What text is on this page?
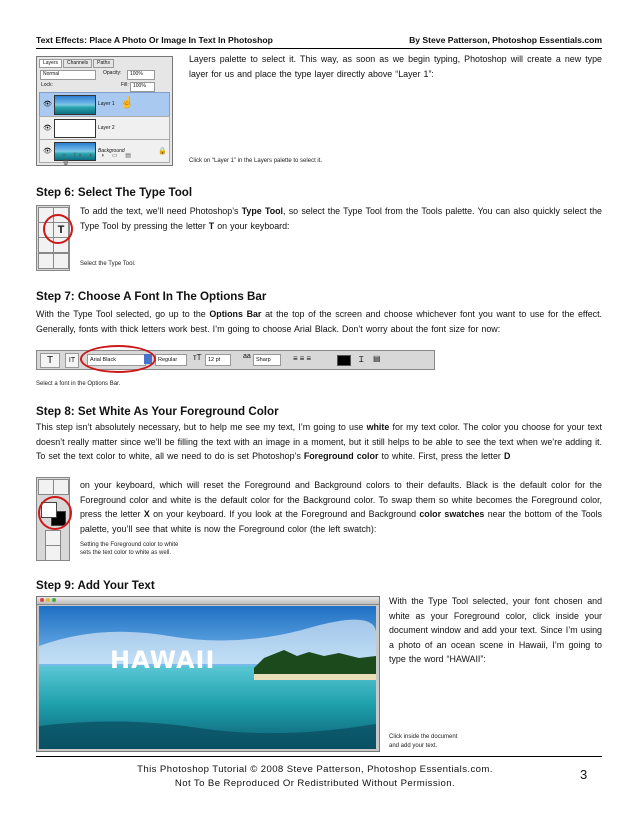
Text Effects: Place A Photo Or Image In Text In Photoshop	By Steve Patterson, Photoshop Essentials.com
Layers	Channels	Paths
Normal	Opacity:	100%
Lock:	Fill: 100%
👁	Layer 1 ☝
👁	Layer 2
👁	Background	🔒
∞ fx ◐ ◑ ▭ ▤ 🗑
Layers palette to select it. This way, as soon as we begin typing, Photoshop will create a new type layer for us and place the type layer directly above “Layer 1”:
Click on “Layer 1” in the Layers palette to select it.
Step 6: Select The Type Tool
T
To add the text, we’ll need Photoshop’s Type Tool, so select the Type Tool from the Tools palette. You can also quickly select the Type Tool by pressing the letter T on your keyboard:
Select the Type Tool.
Step 7: Choose A Font In The Options Bar
With the Type Tool selected, go up to the Options Bar at the top of the screen and choose whichever font you want to use for the effect. Generally, fonts with thick letters work best. I’m going to choose Arial Black. Don’t worry about the font size for now:
T	IT	Arial Black	Regular	ᴛT	12 pt	aa Sharp	≡≡≡	Ɪ ▤
Select a font in the Options Bar.
Step 8: Set White As Your Foreground Color
This step isn’t absolutely necessary, but to help me see my text, I’m going to use white for my text color. The color you choose for your text doesn’t really matter since we’ll be filling the text with an image in a moment, but it still helps to be able to see the text when we’re adding it. To set the text color to white, all we need to do is set Photoshop’s Foreground color to white. First, press the letter D
on your keyboard, which will reset the Foreground and Background colors to their defaults. Black is the default color for the Foreground color and white is the default color for the Background color. To swap them so white becomes the Foreground color, press the letter X on your keyboard. If you look at the Foreground and Background color swatches near the bottom of the Tools palette, you’ll see that white is now the Foreground color (the left swatch):
Setting the Foreground color to white
sets the text color to white as well.
Step 9: Add Your Text
HAWAII
With the Type Tool selected, your font chosen and white as your Foreground color, click inside your document window and add your text. Since I’m using a photo of an ocean scene in Hawaii, I’m going to type the word “HAWAII”:
Click inside the document
and add your text.
This Photoshop Tutorial © 2008 Steve Patterson, Photoshop Essentials.com.
Not To Be Reproduced Or Redistributed Without Permission.
3
